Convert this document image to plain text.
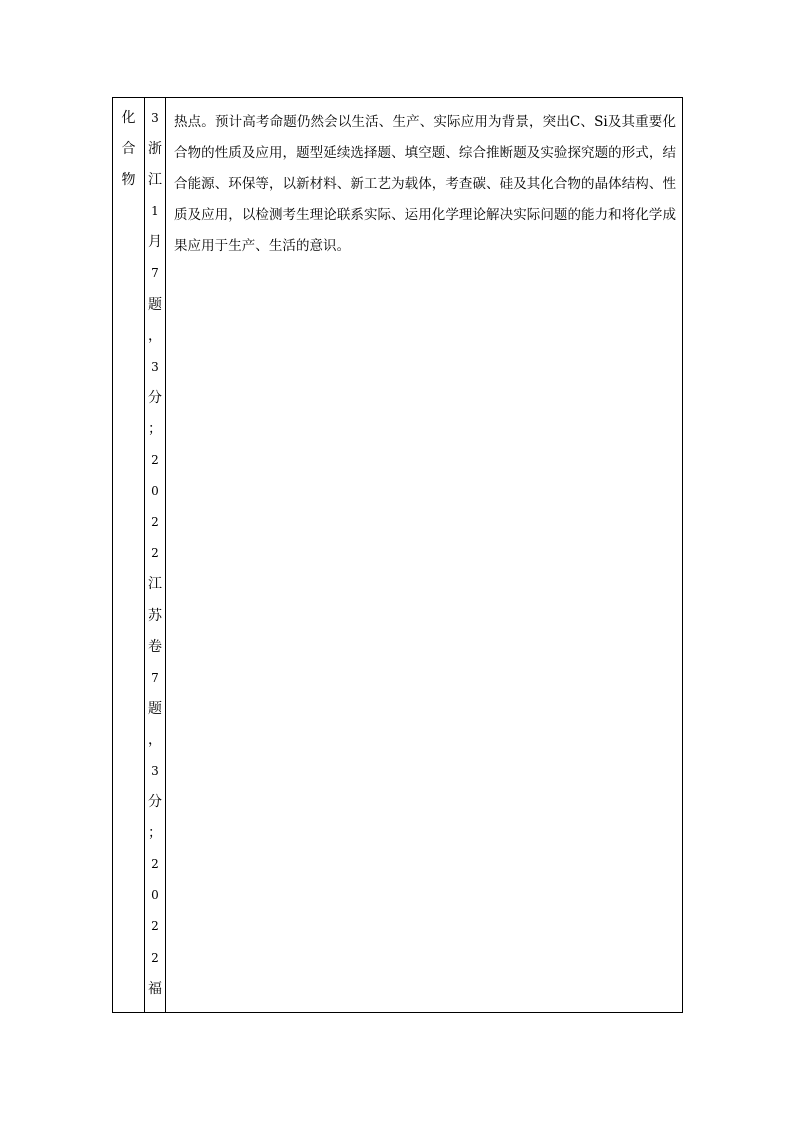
化
合
物
3
浙
江
1
月
7
题
，
3
分
；
2
0
2
2
江
苏
卷
7
题
，
3
分
；
2
0
2
2
福
热点。预计高考命题仍然会以生活、生产、实际应用为背景，突出C、Si及其重要化合物的性质及应用，题型延续选择题、填空题、综合推断题及实验探究题的形式，结合能源、环保等，以新材料、新工艺为载体，考查碳、硅及其化合物的晶体结构、性质及应用，以检测考生理论联系实际、运用化学理论解决实际问题的能力和将化学成果应用于生产、生活的意识。
